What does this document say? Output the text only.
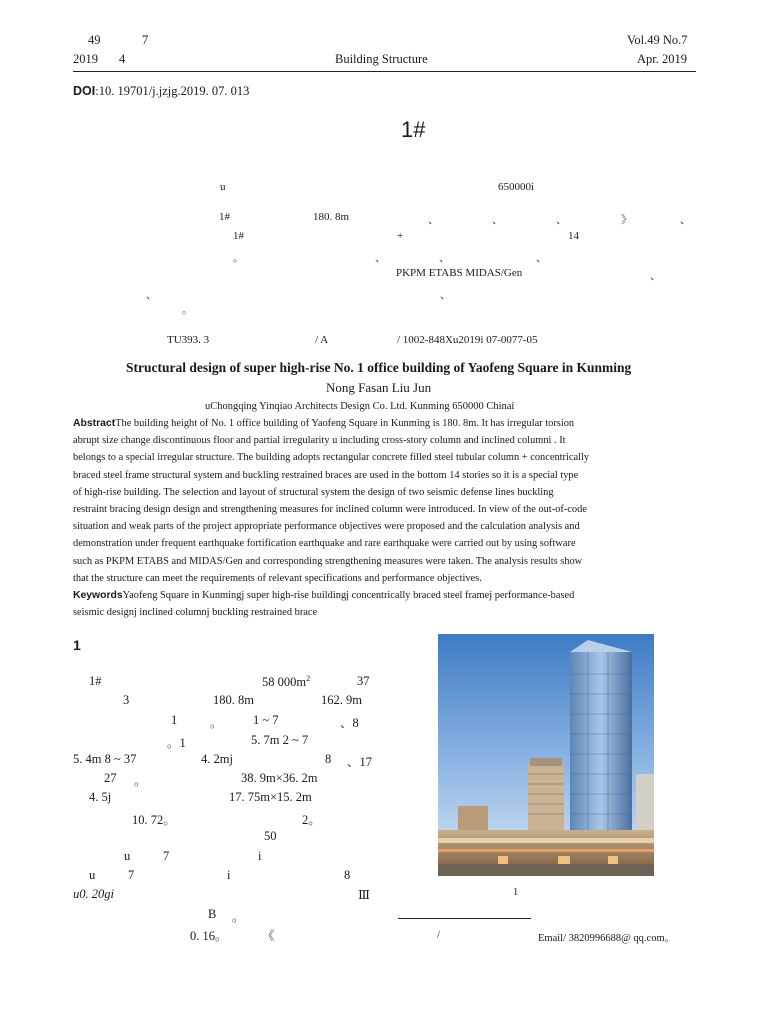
49	7
2019 4	Building Structure
Vol.49 No.7
Apr. 2019
DOI:10. 19701/j.jzjg.2019. 07. 013
1#
u	650000i
1#	180. 8m	、	、	、	》	、
1#	+	14
。	、	、	、
PKPM ETABS MIDAS/Gen	、
、	、
。
TU393. 3	/ A	/ 1002-848Xu2019i 07-0077-05
Structural design of super high-rise No. 1 office building of Yaofeng Square in Kunming
Nong Fasan Liu Jun
uChongqing Yinqiao Architects Design Co. Ltd. Kunming 650000 Chinai
AbstractThe building height of No. 1 office building of Yaofeng Square in Kunming is 180. 8m. It has irregular torsion
abrupt size change discontinuous floor and partial irregularity u including cross-story column and inclined columni . It
belongs to a special irregular structure. The building adopts rectangular concrete filled steel tubular column + concentrically
braced steel frame structural system and buckling restrained braces are used in the bottom 14 stories so it is a special type
of high-rise building. The selection and layout of structural system the design of two seismic defense lines buckling
restraint bracing design design and strengthening measures for inclined column were introduced. In view of the out-of-code
situation and weak parts of the project appropriate performance objectives were proposed and the calculation analysis and
demonstration under frequent earthquake fortification earthquake and rare earthquake were carried out by using software
such as PKPM ETABS and MIDAS/Gen and corresponding strengthening measures were taken. The analysis results show
that the structure can meet the requirements of relevant specifications and performance objectives.
KeywordsYaofeng Square in Kunmingj super high-rise buildingj concentrically braced steel framej performance-based
seismic designj inclined columnj buckling restrained brace
1
1#	58 $000m^2$	37
3	180. 8m	162. 9m
1	。 1 ~ 7	、8
。1	5. 7m 2 ~ 7
5. 4m 8 ~ 37	4. 2mj	8 、17
27 。	38. 9m×36. 2m
4. 5j	17. 75m×15. 2m
10. 72。	2。
50
u	7	i
u	7	i	8
u0. 20gi	Ⅲ
B 。
0. 16。	《
1
/	Email/ 3820996688@ qq.com。
